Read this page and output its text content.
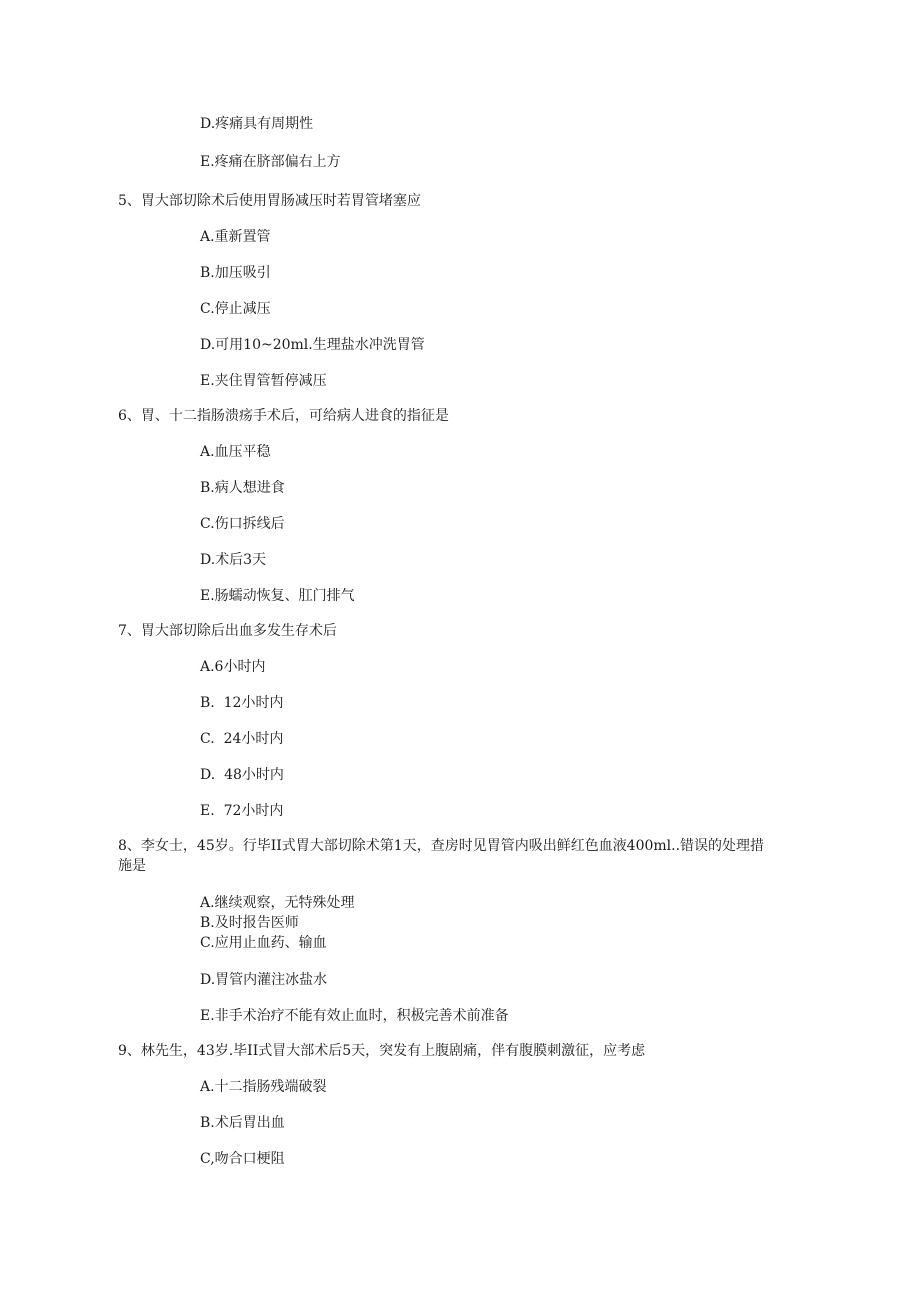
D.疼痛具有周期性
E.疼痛在脐部偏右上方
5、胃大部切除术后使用胃肠减压时若胃管堵塞应
A.重新置管
B.加压吸引
C.停止减压
D.可用10~20ml.生理盐水冲洗胃管
E.夹住胃管暂停减压
6、胃、十二指肠溃疡手术后，可给病人进食的指征是
A.血压平稳
B.病人想进食
C.伤口拆线后
D.术后3天
E.肠蠕动恢复、肛门排气
7、胃大部切除后出血多发生存术后
A.6小时内
B.  12小时内
C.  24小时内
D.  48小时内
E.  72小时内
8、李女士，45岁。行毕II式胃大部切除术第1天，查房时见胃管内吸出鲜红色血液400ml..错误的处理措施是
A.继续观察，无特殊处理
B.及时报告医师
C.应用止血药、输血
D.胃管内灌注冰盐水
E.非手术治疗不能有效止血时，积极完善术前准备
9、林先生，43岁.毕II式冒大部术后5天，突发有上腹剧痛，伴有腹膜刺激征，应考虑
A.十二指肠残端破裂
B.术后胃出血
C,吻合口梗阻
